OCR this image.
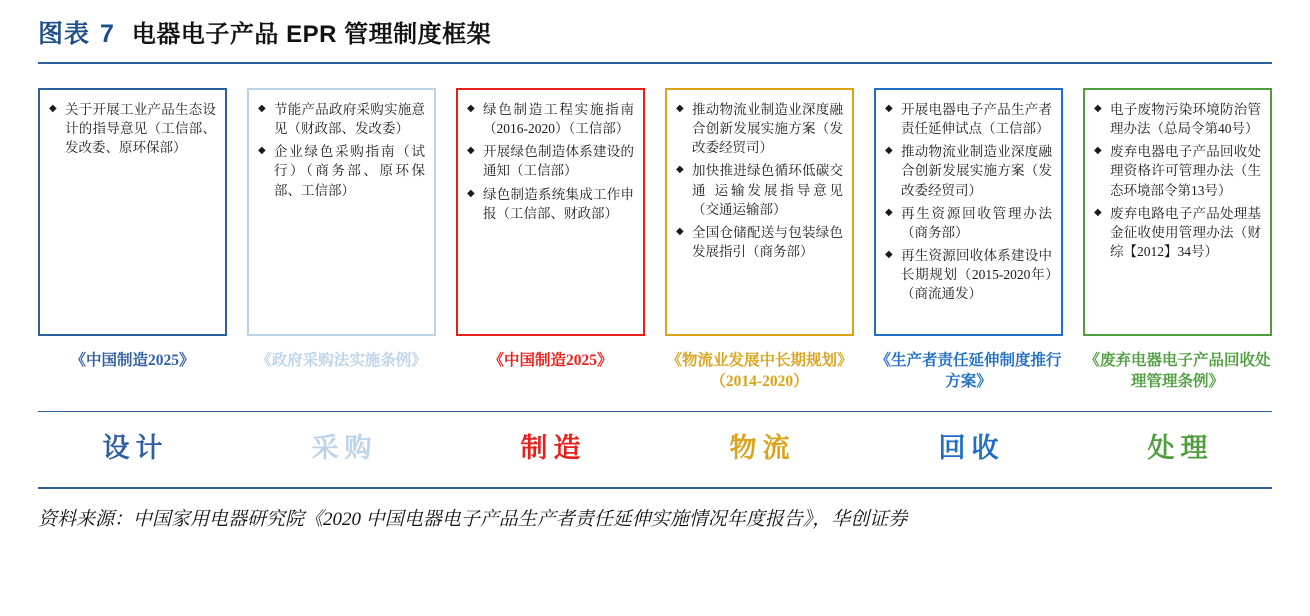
图表 7 电器电子产品 EPR 管理制度框架
◆ 关于开展工业产品生态设计的指导意见（工信部、发改委、原环保部）
《中国制造2025》
◆ 节能产品政府采购实施意见（财政部、发改委）
◆ 企业绿色采购指南（试行）（商务部、原环保部、工信部）
《政府采购法实施条例》
◆ 绿色制造工程实施指南（2016-2020）（工信部）
◆ 开展绿色制造体系建设的通知（工信部）
◆ 绿色制造系统集成工作申报（工信部、财政部）
《中国制造2025》
◆ 推动物流业制造业深度融合创新发展实施方案（发改委经贸司）
◆ 加快推进绿色循环低碳交通 运输发展指导意见（交通运输部）
◆ 全国仓储配送与包装绿色发展指引（商务部）
《物流业发展中长期规划》（2014-2020）
◆ 开展电器电子产品生产者责任延伸试点（工信部）
◆ 推动物流业制造业深度融合创新发展实施方案（发改委经贸司）
◆ 再生资源回收管理办法（商务部）
◆ 再生资源回收体系建设中长期规划（2015-2020年）（商流通发）
《生产者责任延伸制度推行方案》
◆ 电子废物污染环境防治管理办法（总局令第40号）
◆ 废弃电器电子产品回收处理资格许可管理办法（生态环境部令第13号）
◆ 废弃电路电子产品处理基金征收使用管理办法（财综【2012】34号）
《废弃电器电子产品回收处理管理条例》
设计	采购	制造	物流	回收	处理
资料来源：中国家用电器研究院《2020 中国电器电子产品生产者责任延伸实施情况年度报告》，华创证券
